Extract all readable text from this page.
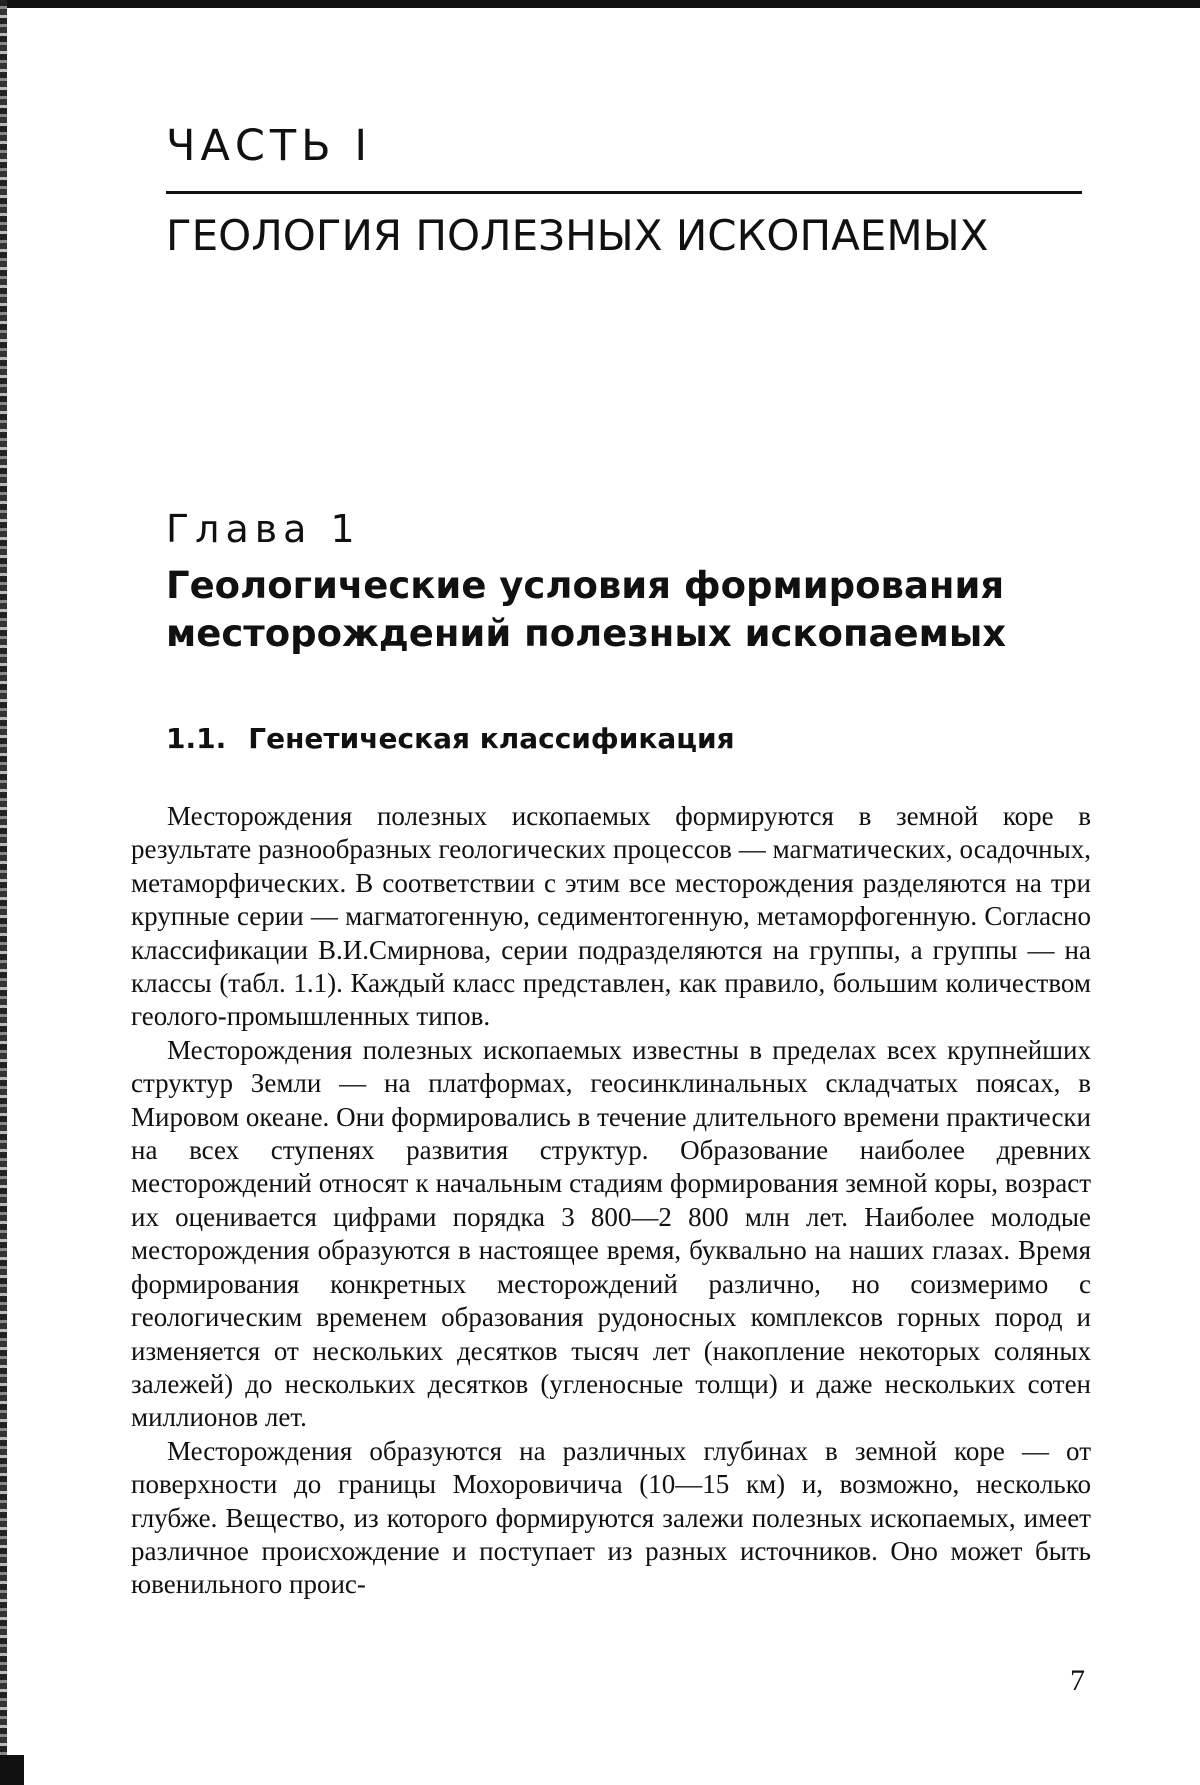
ЧАСТЬ I
ГЕОЛОГИЯ ПОЛЕЗНЫХ ИСКОПАЕМЫХ
Глава 1
Геологические условия формирования месторождений полезных ископаемых
1.1. Генетическая классификация

Месторождения полезных ископаемых формируются в земной коре в результате разнообразных геологических процессов — магматических, осадочных, метаморфических. В соответствии с этим все месторождения разделяются на три крупные серии — магматогенную, седиментогенную, метаморфогенную. Согласно классификации В.И.Смирнова, серии подразделяются на группы, а группы — на классы (табл. 1.1). Каждый класс представлен, как правило, большим количеством геолого-промышленных типов.

Месторождения полезных ископаемых известны в пределах всех крупнейших структур Земли — на платформах, геосинклинальных складчатых поясах, в Мировом океане. Они формировались в течение длительного времени практически на всех ступенях развития структур. Образование наиболее древних месторождений относят к начальным стадиям формирования земной коры, возраст их оценивается цифрами порядка 3 800—2 800 млн лет. Наиболее молодые месторождения образуются в настоящее время, буквально на наших глазах. Время формирования конкретных месторождений различно, но соизмеримо с геологическим временем образования рудоносных комплексов горных пород и изменяется от нескольких десятков тысяч лет (накопление некоторых соляных залежей) до нескольких десятков (угленосные толщи) и даже нескольких сотен миллионов лет.

Месторождения образуются на различных глубинах в земной коре — от поверхности до границы Мохоровичича (10—15 км) и, возможно, несколько глубже. Вещество, из которого формируются залежи полезных ископаемых, имеет различное происхождение и поступает из разных источников. Оно может быть ювенильного проис-

7
